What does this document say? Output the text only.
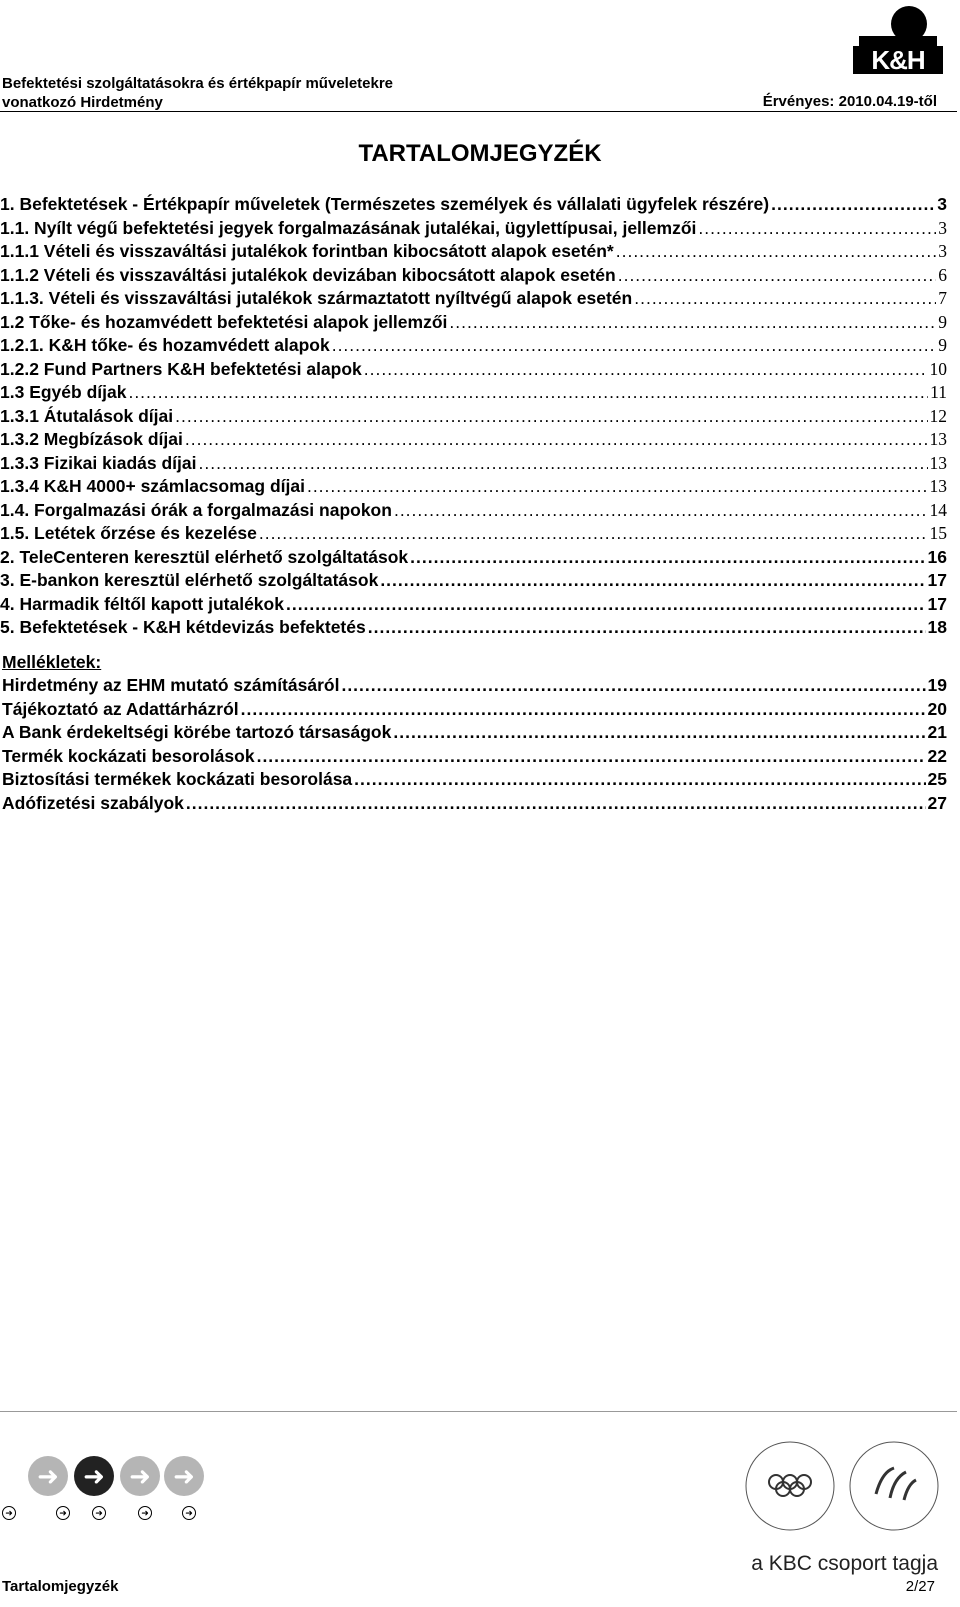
Befektetési szolgáltatásokra és értékpapír műveletekre
vonatkozó Hirdetmény	Érvényes: 2010.04.19-től
K&H
TARTALOMJEGYZÉK
1. Befektetések - Értékpapír műveletek (Természetes személyek és vállalati ügyfelek részére) .....	3
1.1. Nyílt végű befektetési jegyek forgalmazásának jutalékai, ügylettípusai, jellemzői .....	3
1.1.1 Vételi és visszaváltási jutalékok forintban kibocsátott alapok esetén* .....	3
1.1.2 Vételi és visszaváltási jutalékok devizában kibocsátott alapok esetén .....	6
1.1.3. Vételi és visszaváltási jutalékok származtatott nyíltvégű alapok esetén .....	7
1.2 Tőke- és hozamvédett befektetési alapok jellemzői .....	9
1.2.1. K&H tőke- és hozamvédett alapok .....	9
1.2.2 Fund Partners K&H befektetési alapok .....	10
1.3 Egyéb díjak .....	11
1.3.1 Átutalások díjai .....	12
1.3.2 Megbízások díjai .....	13
1.3.3 Fizikai kiadás díjai .....	13
1.3.4 K&H 4000+ számlacsomag díjai .....	13
1.4. Forgalmazási órák a forgalmazási napokon .....	14
1.5. Letétek őrzése és kezelése .....	15
2. TeleCenteren keresztül elérhető szolgáltatások .....	16
3. E-bankon keresztül elérhető szolgáltatások .....	17
4. Harmadik féltől kapott jutalékok .....	17
5. Befektetések - K&H kétdevizás befektetés .....	18
Mellékletek:
Hirdetmény az EHM mutató számításáról .....	19
Tájékoztató az Adattárházról .....	20
A Bank érdekeltségi körébe tartozó társaságok .....	21
Termék kockázati besorolások .....	22
Biztosítási termékek kockázati besorolása .....	25
Adófizetési szabályok .....	27
➜ ➜ ➜ ➜
➜	➜	➜	➜	➜
a KBC csoport tagja
Tartalomjegyzék	2/27
